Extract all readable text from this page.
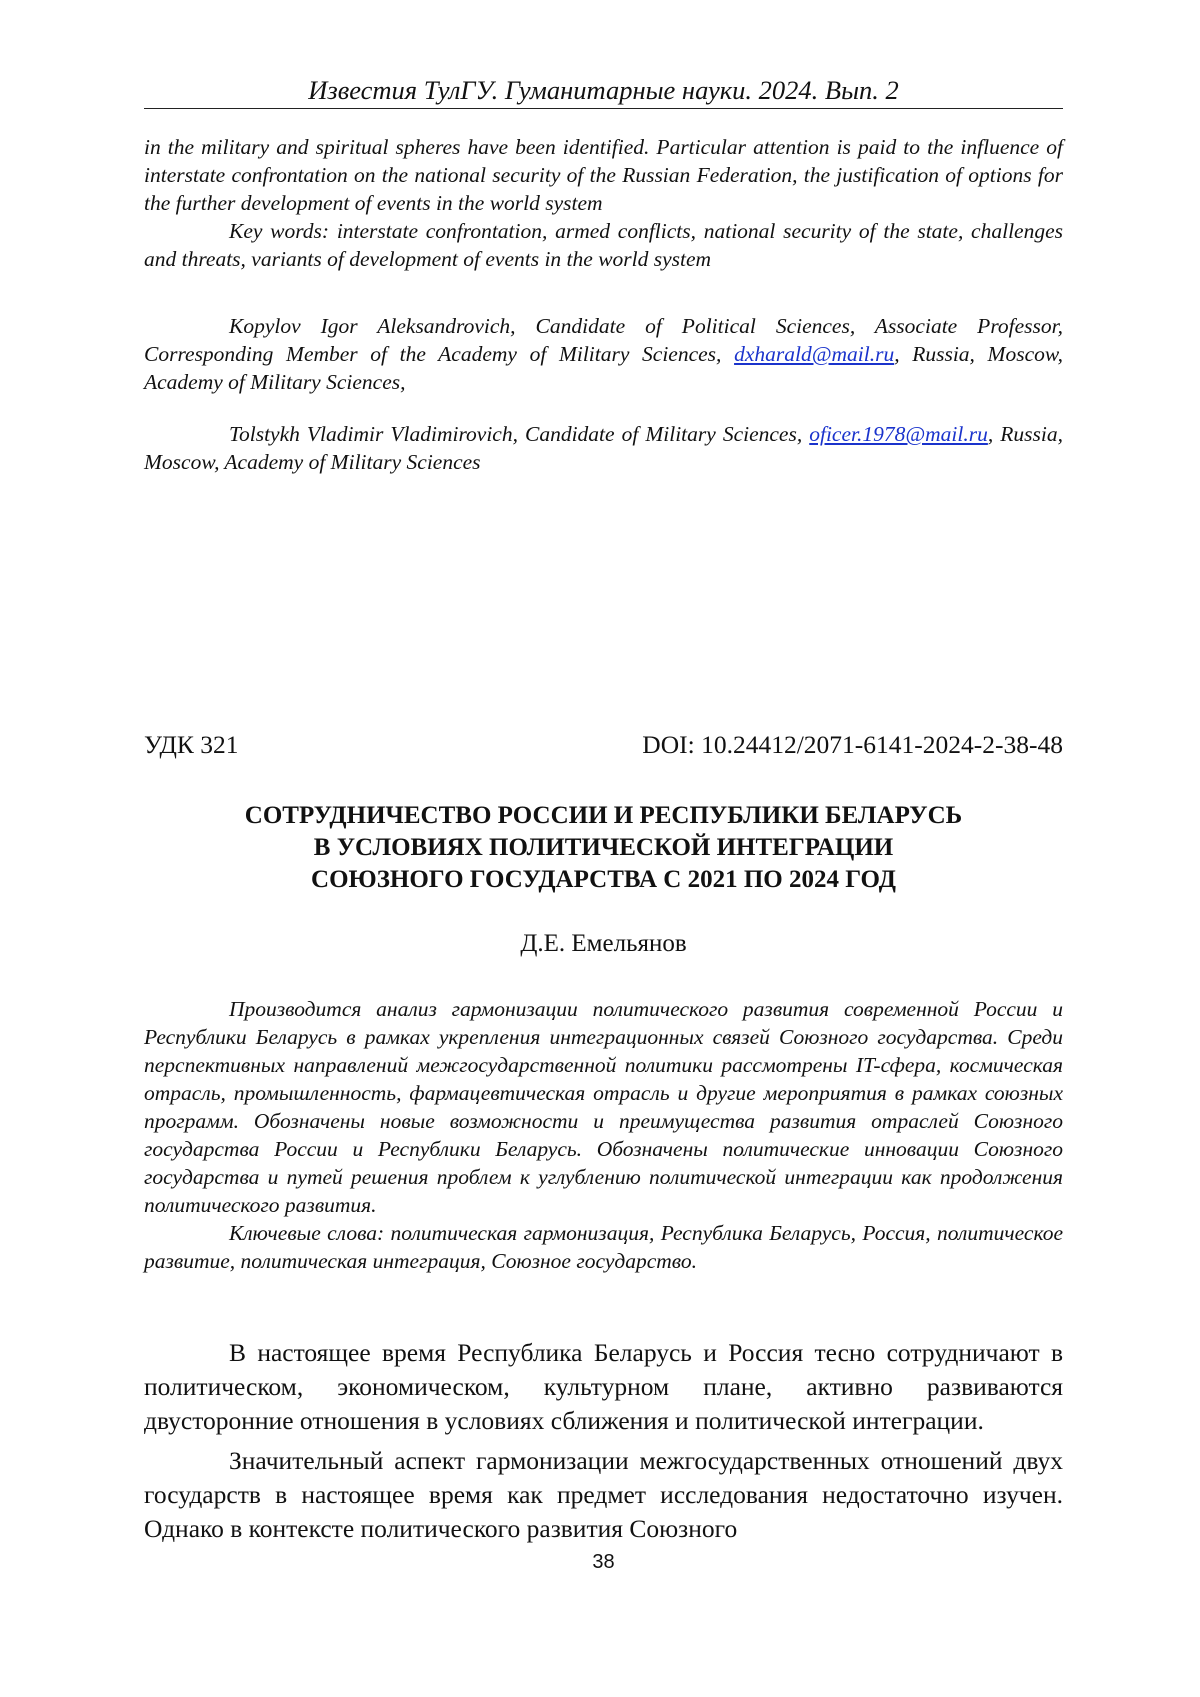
Известия ТулГУ. Гуманитарные науки. 2024. Вып. 2

in the military and spiritual spheres have been identified. Particular attention is paid to the influence of interstate confrontation on the national security of the Russian Federation, the justification of options for the further development of events in the world system

Key words: interstate confrontation, armed conflicts, national security of the state, challenges and threats, variants of development of events in the world system

Kopylov Igor Aleksandrovich, Candidate of Political Sciences, Associate Professor, Corresponding Member of the Academy of Military Sciences, dxharald@mail.ru, Russia, Moscow, Academy of Military Sciences,

Tolstykh Vladimir Vladimirovich, Candidate of Military Sciences, oficer.1978@mail.ru, Russia, Moscow, Academy of Military Sciences

УДК 321	DOI: 10.24412/2071-6141-2024-2-38-48
СОТРУДНИЧЕСТВО РОССИИ И РЕСПУБЛИКИ БЕЛАРУСЬ
В УСЛОВИЯХ ПОЛИТИЧЕСКОЙ ИНТЕГРАЦИИ
СОЮЗНОГО ГОСУДАРСТВА С 2021 ПО 2024 ГОД
Д.Е. Емельянов

Производится анализ гармонизации политического развития современной России и Республики Беларусь в рамках укрепления интеграционных связей Союзного государства. Среди перспективных направлений межгосударственной политики рассмотрены IT-сфера, космическая отрасль, промышленность, фармацевтическая отрасль и другие мероприятия в рамках союзных программ. Обозначены новые возможности и преимущества развития отраслей Союзного государства России и Республики Беларусь. Обозначены политические инновации Союзного государства и путей решения проблем к углублению политической интеграции как продолжения политического развития.

Ключевые слова: политическая гармонизация, Республика Беларусь, Россия, политическое развитие, политическая интеграция, Союзное государство.

В настоящее время Республика Беларусь и Россия тесно сотрудничают в политическом, экономическом, культурном плане, активно развиваются двусторонние отношения в условиях сближения и политической интеграции.

Значительный аспект гармонизации межгосударственных отношений двух государств в настоящее время как предмет исследования недостаточно изучен. Однако в контексте политического развития Союзного

38
